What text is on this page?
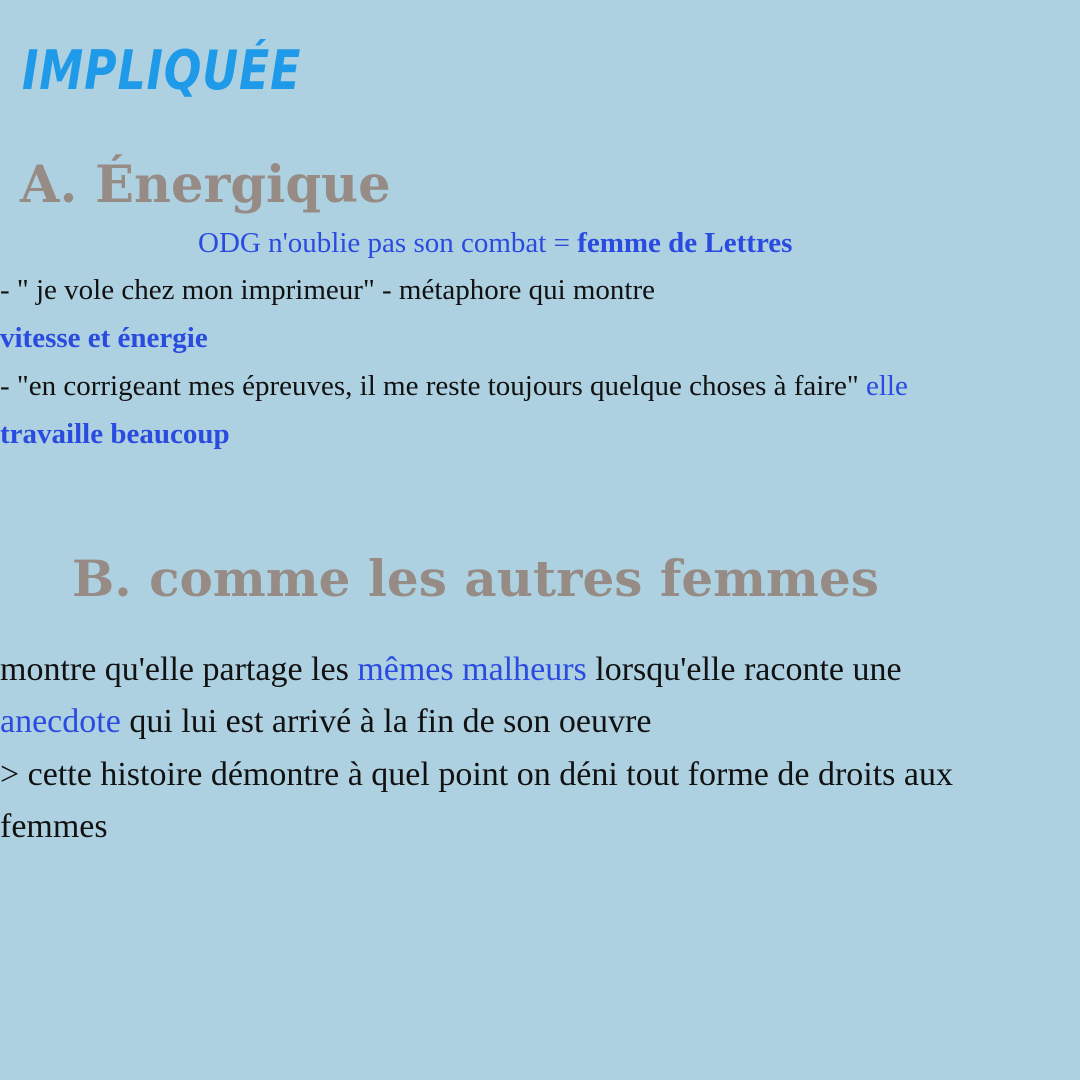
IMPLIQUÉE
A. Énergique
ODG n'oublie pas son combat = femme de Lettres
- " je vole chez mon imprimeur" - métaphore qui montre
vitesse et énergie
- "en corrigeant mes épreuves, il me reste toujours quelque choses à faire" elle
travaille beaucoup
B. comme les autres femmes
montre qu'elle partage les mêmes malheurs lorsqu'elle raconte une
anecdote qui lui est arrivé à la fin de son oeuvre
> cette histoire démontre à quel point on déni tout forme de droits aux
femmes
